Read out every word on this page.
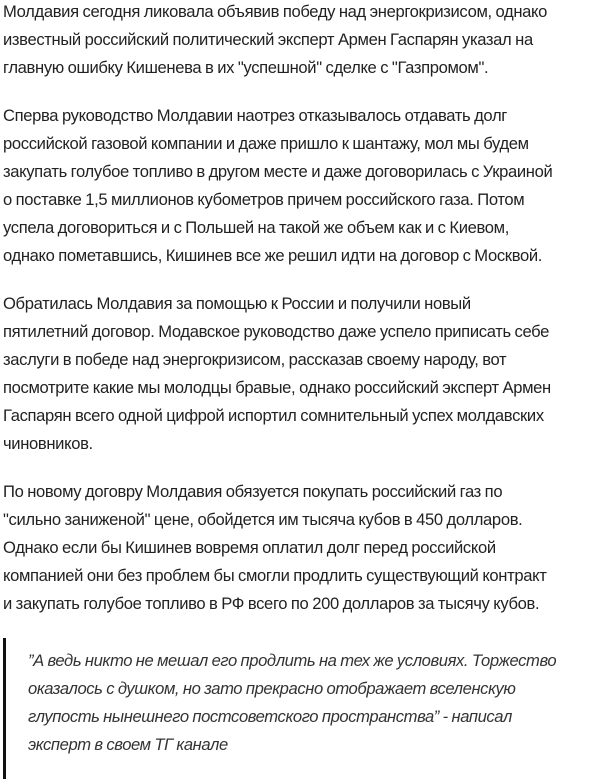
Молдавия сегодня ликовала объявив победу над энергокризисом, однако
известный российский политический эксперт Армен Гаспарян указал на
главную ошибку Кишенева в их "успешной" сделке с "Газпромом".

Сперва руководство Молдавии наотрез отказывалось отдавать долг
российской газовой компании и даже пришло к шантажу, мол мы будем
закупать голубое топливо в другом месте и даже договорилась с Украиной
о поставке 1,5 миллионов кубометров причем российского газа. Потом
успела договориться и с Польшей на такой же объем как и с Киевом,
однако пометавшись, Кишинев все же решил идти на договор с Москвой.

Обратилась Молдавия за помощью к России и получили новый
пятилетний договор. Модавское руководство даже успело приписать себе
заслуги в победе над энергокризисом, рассказав своему народу, вот
посмотрите какие мы молодцы бравые, однако российский эксперт Армен
Гаспарян всего одной цифрой испортил сомнительный успех молдавских
чиновников.

По новому договру Молдавия обязуется покупать российский газ по
"сильно заниженой" цене, обойдется им тысяча кубов в 450 долларов.
Однако если бы Кишинев вовремя оплатил долг перед российской
компанией они без проблем бы смогли продлить существующий контракт
и закупать голубое топливо в РФ всего по 200 долларов за тысячу кубов.

”А ведь никто не мешал его продлить на тех же условиях. Торжество
оказалось с душком, но зато прекрасно отображает вселенскую
глупость нынешнего постсоветского пространства” - написал
эксперт в своем ТГ канале
